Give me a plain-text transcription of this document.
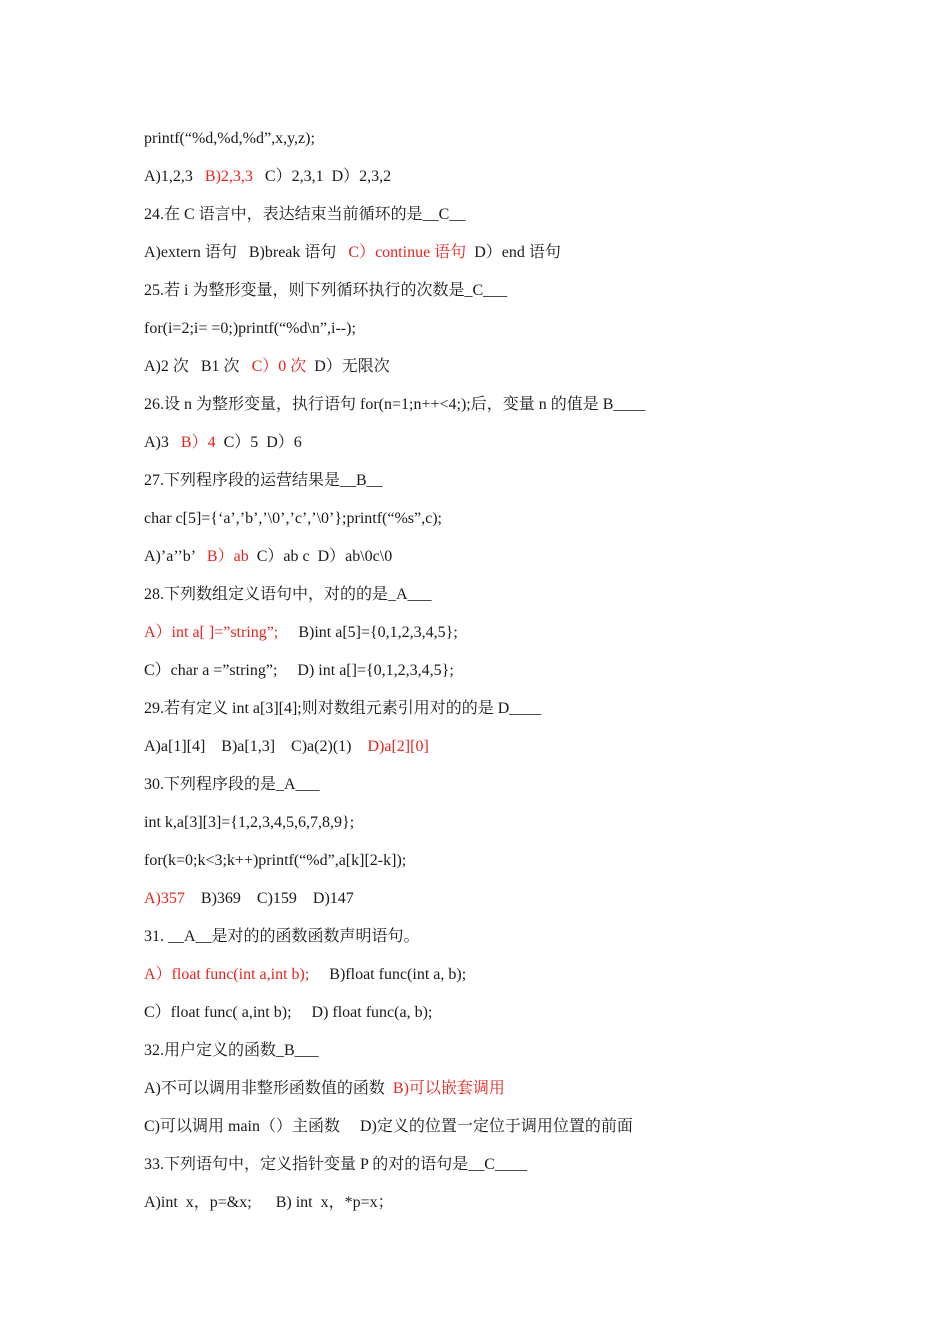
printf(“%d,%d,%d”,x,y,z);
A)1,2,3   B)2,3,3   C）2,3,1  D）2,3,2
24.在 C 语言中，表达结束当前循环的是__C__
A)extern 语句   B)break 语句   C）continue 语句  D）end 语句
25.若 i 为整形变量，则下列循环执行的次数是_C___
for(i=2;i= =0;)printf(“%d\n”,i--);
A)2 次   B1 次   C）0 次  D）无限次
26.设 n 为整形变量，执行语句 for(n=1;n++<4;);后，变量 n 的值是 B____
A)3   B）4  C）5  D）6
27.下列程序段的运营结果是__B__
char c[5]={‘a’,’b’,’\0’,’c’,’\0’};printf(“%s”,c);
A)’a’’b’   B）ab  C）ab c  D）ab\0c\0
28.下列数组定义语句中，对的的是_A___
A）int a[ ]=”string”;     B)int a[5]={0,1,2,3,4,5};
C）char a =”string”;     D) int a[]={0,1,2,3,4,5};
29.若有定义 int a[3][4];则对数组元素引用对的的是 D____
A)a[1][4]    B)a[1,3]    C)a(2)(1)    D)a[2][0]
30.下列程序段的是_A___
int k,a[3][3]={1,2,3,4,5,6,7,8,9};
for(k=0;k<3;k++)printf(“%d”,a[k][2-k]);
A)357    B)369    C)159    D)147
31. __A__是对的的函数函数声明语句。
A）float func(int a,int b);     B)float func(int a, b);
C）float func( a,int b);     D) float func(a, b);
32.用户定义的函数_B___
A)不可以调用非整形函数值的函数  B)可以嵌套调用
C)可以调用 main（）主函数     D)定义的位置一定位于调用位置的前面
33.下列语句中，定义指针变量 P 的对的语句是__C____
A)int  x，p=&x;      B) int  x，*p=x；
